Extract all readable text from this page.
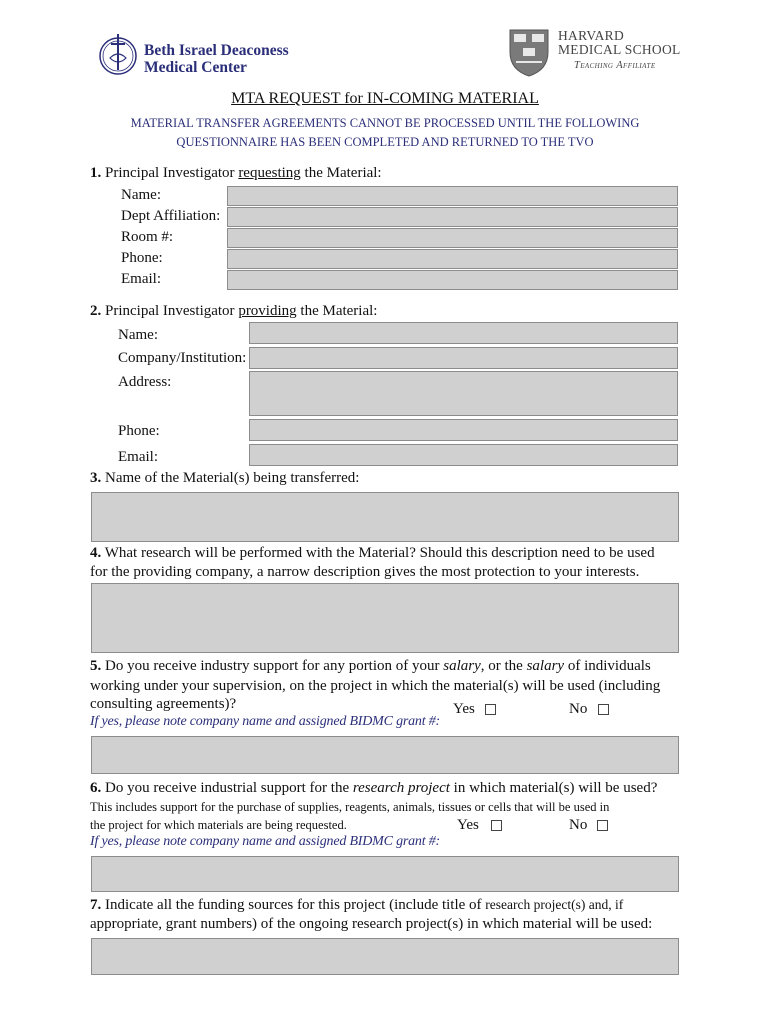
Beth Israel Deaconess
Medical Center
HARVARD
MEDICAL SCHOOL
Teaching Affiliate
MTA REQUEST for IN-COMING MATERIAL
MATERIAL TRANSFER AGREEMENTS CANNOT BE PROCESSED UNTIL THE FOLLOWING
QUESTIONNAIRE HAS BEEN COMPLETED AND RETURNED TO THE TVO
1. Principal Investigator requesting the Material:
Name:
Dept Affiliation:
Room #:
Phone:
Email:
2. Principal Investigator providing the Material:
Name:
Company/Institution:
Address:
Phone:
Email:
3. Name of the Material(s) being transferred:
4. What research will be performed with the Material? Should this description need to be used
for the providing company, a narrow description gives the most protection to your interests.
5. Do you receive industry support for any portion of your salary, or the salary of individuals
working under your supervision, on the project in which the material(s) will be used (including
consulting agreements)?	Yes	No
If yes, please note company name and assigned BIDMC grant #:
6. Do you receive industrial support for the research project in which material(s) will be used?
This includes support for the purchase of supplies, reagents, animals, tissues or cells that will be used in
the project for which materials are being requested.	Yes	No
If yes, please note company name and assigned BIDMC grant #:
7. Indicate all the funding sources for this project (include title of research project(s) and, if
appropriate, grant numbers) of the ongoing research project(s) in which material will be used:
